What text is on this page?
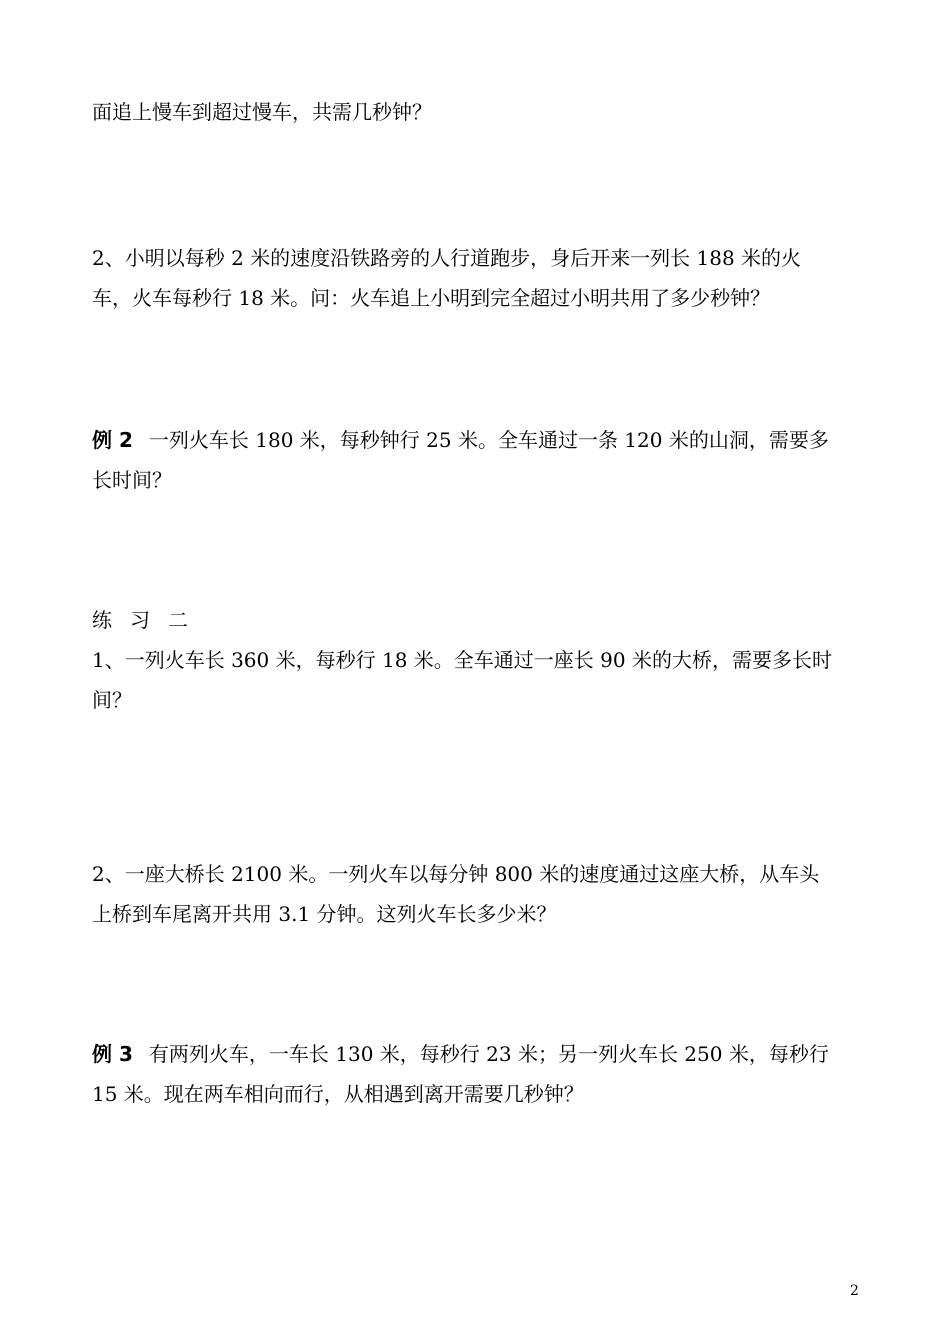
面追上慢车到超过慢车，共需几秒钟？
2、小明以每秒 2 米的速度沿铁路旁的人行道跑步，身后开来一列长 188 米的火
车，火车每秒行 18 米。问：火车追上小明到完全超过小明共用了多少秒钟？
例 2 一列火车长 180 米，每秒钟行 25 米。全车通过一条 120 米的山洞，需要多
长时间？
练习二
1、一列火车长 360 米，每秒行 18 米。全车通过一座长 90 米的大桥，需要多长时
间？
2、一座大桥长 2100 米。一列火车以每分钟 800 米的速度通过这座大桥，从车头
上桥到车尾离开共用 3.1 分钟。这列火车长多少米？
例 3 有两列火车，一车长 130 米，每秒行 23 米；另一列火车长 250 米，每秒行
15 米。现在两车相向而行，从相遇到离开需要几秒钟？
2
